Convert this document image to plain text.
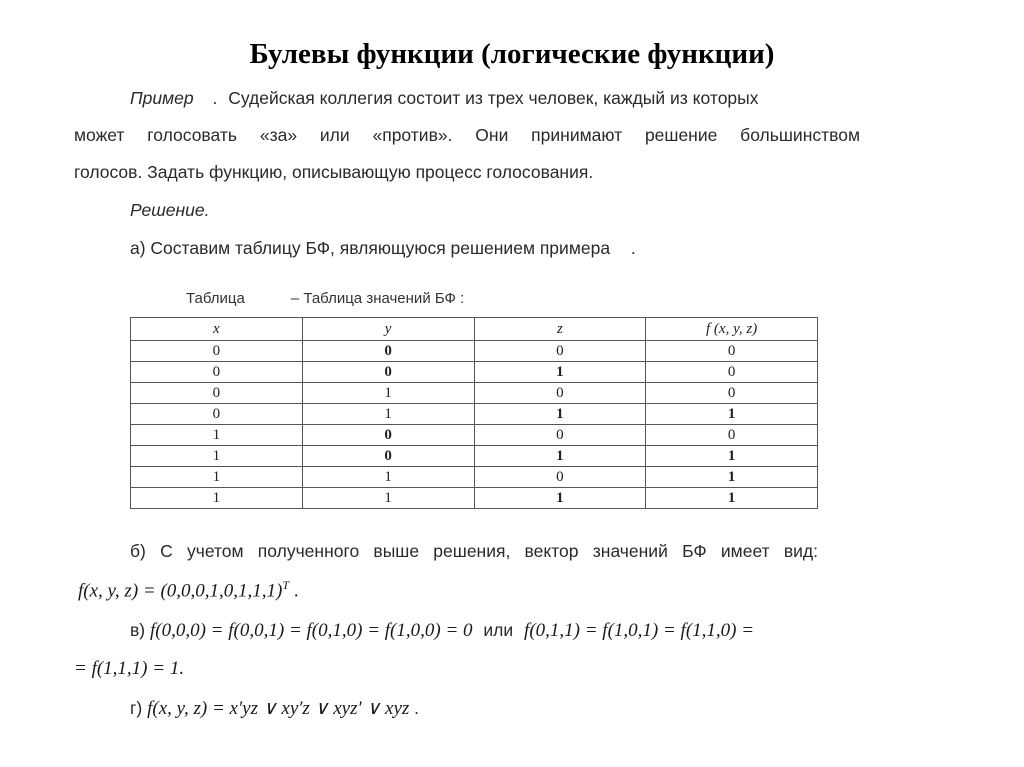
Булевы функции (логические функции)
Пример . Судейская коллегия состоит из трех человек, каждый из которых
может голосовать «за» или «против». Они принимают решение большинством
голосов. Задать функцию, описывающую процесс голосования.
Решение.
а) Составим таблицу БФ, являющуюся решением примера .
Таблица	– Таблица значений БФ :
x	y	z	f (x, y, z)
0	0	0	0
0	0	1	0
0	1	0	0
0	1	1	1
1	0	0	0
1	0	1	1
1	1	0	1
1	1	1	1
б) С учетом полученного выше решения, вектор значений БФ имеет вид:
f(x, y, $z) = (0,0,0,1,0,1,1,1)^T$ .
в) f(0,0,0) = f(0,0,1) = f(0,1,0) = f(1,0,0) = 0 или f(0,1,1) = f(1,0,1) = f(1,1,0) =
= f(1,1,1) = 1.
г) f(x, y, z) = x′yz ∨ xy′z ∨ xyz′ ∨ xyz .
